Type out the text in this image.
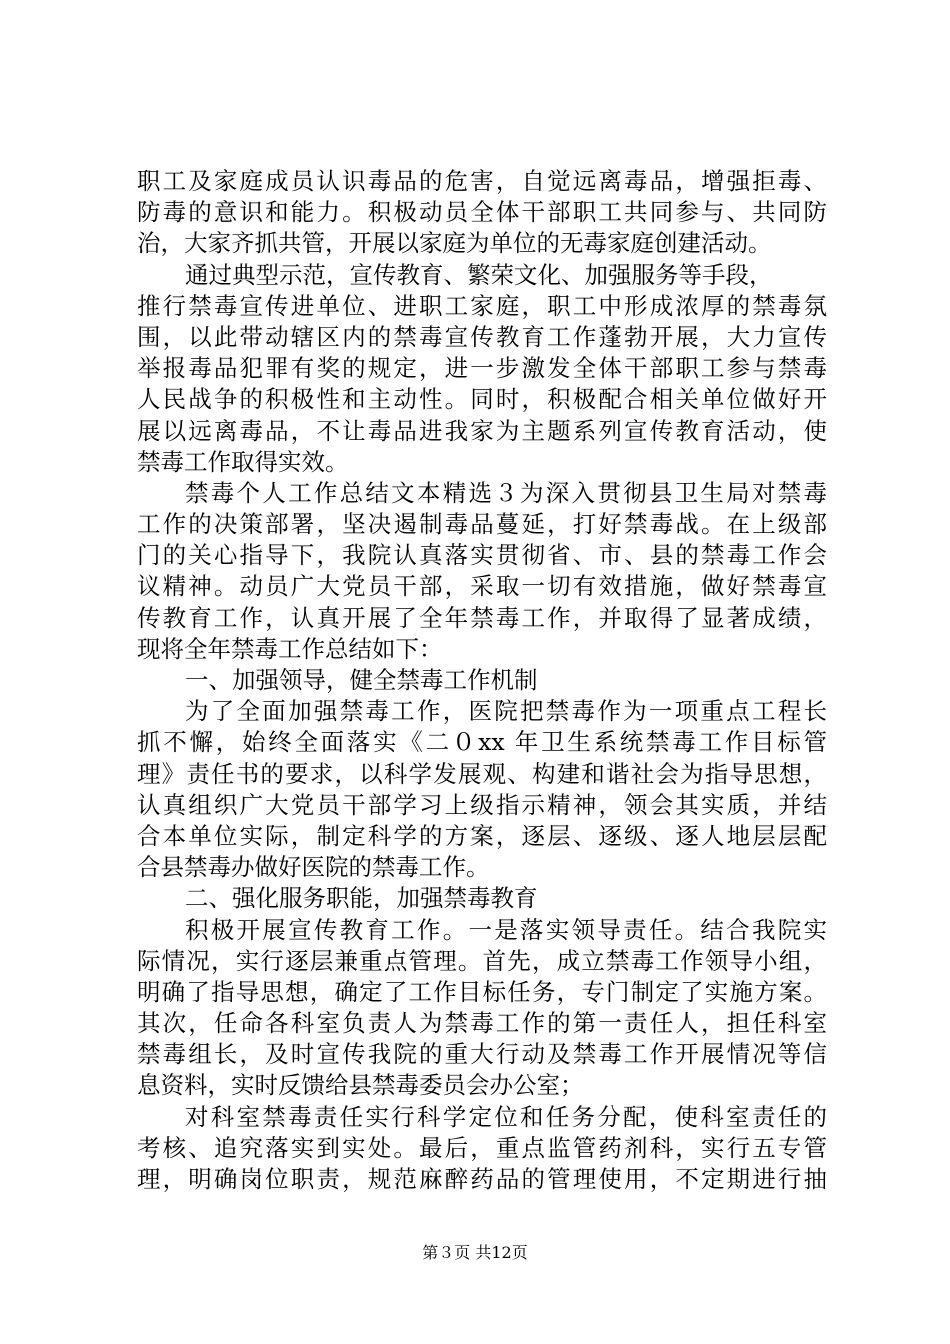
职工及家庭成员认识毒品的危害，自觉远离毒品，增强拒毒、
防毒的意识和能力。积极动员全体干部职工共同参与、共同防
治，大家齐抓共管，开展以家庭为单位的无毒家庭创建活动。
通过典型示范，宣传教育、繁荣文化、加强服务等手段，
推行禁毒宣传进单位、进职工家庭，职工中形成浓厚的禁毒氛
围，以此带动辖区内的禁毒宣传教育工作蓬勃开展，大力宣传
举报毒品犯罪有奖的规定，进一步激发全体干部职工参与禁毒
人民战争的积极性和主动性。同时，积极配合相关单位做好开
展以远离毒品，不让毒品进我家为主题系列宣传教育活动，使
禁毒工作取得实效。
禁毒个人工作总结文本精选３为深入贯彻县卫生局对禁毒
工作的决策部署，坚决遏制毒品蔓延，打好禁毒战。在上级部
门的关心指导下，我院认真落实贯彻省、市、县的禁毒工作会
议精神。动员广大党员干部，采取一切有效措施，做好禁毒宣
传教育工作，认真开展了全年禁毒工作，并取得了显著成绩，
现将全年禁毒工作总结如下：
一、加强领导，健全禁毒工作机制
为了全面加强禁毒工作，医院把禁毒作为一项重点工程长
抓不懈，始终全面落实《二０xx 年卫生系统禁毒工作目标管
理》责任书的要求，以科学发展观、构建和谐社会为指导思想，
认真组织广大党员干部学习上级指示精神，领会其实质，并结
合本单位实际，制定科学的方案，逐层、逐级、逐人地层层配
合县禁毒办做好医院的禁毒工作。
二、强化服务职能，加强禁毒教育
积极开展宣传教育工作。一是落实领导责任。结合我院实
际情况，实行逐层兼重点管理。首先，成立禁毒工作领导小组，
明确了指导思想，确定了工作目标任务，专门制定了实施方案。
其次，任命各科室负责人为禁毒工作的第一责任人，担任科室
禁毒组长，及时宣传我院的重大行动及禁毒工作开展情况等信
息资料，实时反馈给县禁毒委员会办公室；
对科室禁毒责任实行科学定位和任务分配，使科室责任的
考核、追究落实到实处。最后，重点监管药剂科，实行五专管
理，明确岗位职责，规范麻醉药品的管理使用，不定期进行抽
第３页 共12页
